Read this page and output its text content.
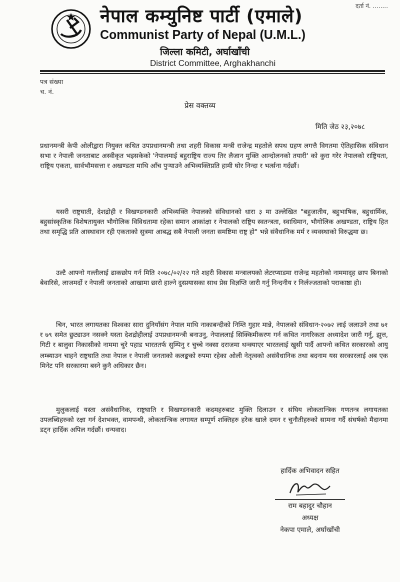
दर्ता नं. ........
नेपाल कम्युनिष्ट पार्टी (एमाले)
Communist Party of Nepal (U.M.L.)
जिल्ला कमिटी, अर्घाखाँची
District Committee, Arghakhanchi
पत्र संख्या
च. नं.
प्रेस वक्तव्य
मिति जेठ २३,२०७८

प्रधानमन्त्री केपी ओलीद्वारा नियुक्त कथित उपप्रधानमन्त्री तथा शहरी विकास मन्त्री राजेन्द्र महतोले सपथ ग्रहण लगत्तै विगतमा ऐतिहासिक संविधान सभा र नेपाली जनताबाट अस्वीकृत भइसकेको 'नेपालमाई बहुराष्ट्रिय राज्य तिर लैजान मुक्ति आन्दोलनको तयारी' को कुरा गरेर नेपालको राष्ट्रियता, राष्ट्रिय एकता, सार्वभौमसत्ता र अखण्डता माथि आँच पुऱ्याउने अभिव्यक्तिप्रति हामी घोर निन्दा र भर्त्सना गर्दछौं।

यसरी राष्ट्रघाती, देशद्रोही र विखण्डनकारी अभिव्यक्ति नेपालको संविधानको धारा ३ मा उल्लेखित "बहुजातीय, बहुभाषिक, बहुधार्मिक, बहुसांस्कृतिक विशेषतायुक्त भौगोलिक विविधतामा रहेका समान आकांक्षा र नेपालको राष्ट्रिय स्वतन्त्रता, स्वाधिमान, भौगोलिक अखण्डता, राष्ट्रिय हित तथा समृद्धि प्रति आस्थावान रही एकताको सुत्रमा आबद्ध सबै नेपाली जनता समष्टिमा राष्ट्र हो" भन्ने संवैधानिक मर्म र व्यवस्थाको विरुद्धमा छ।

उल्टै आफ्नो गल्तीलाई ढाकछोप गर्न मिति २०७८/०२/२२ गते शहरी विकास मन्त्रालयको लेटरप्याडमा राजेन्द्र महतोको नाममाद्ह छाप बिनाको बेवारिसे, लाजमर्दो र नेपाली जनताको आखामा छारो हाल्ने दुस्प्रयासका साथ प्रेस विज्ञप्ति जारी गर्नु निन्दनीय र निर्लज्जताको पराकाष्ठा हो।

चिन, भारत लगायतका विश्वका सारा दुनियाँसंग नेपाल माथि नाकाबन्दीको निम्ति गुहार मान्ने, नेपालको संविधान-२०७२ लाई जलाउने तथा ७१ र ७९ समेत छुट्याउन नसक्ने यस्ता देशद्रोहीलाई उपप्रधानमन्त्री बनाउनु, नेपाललाई सिक्किमीकरण गर्न कथित नागरिकता अध्यादेश जारी गर्नु, झुत्त, गिटी र बालुवा निकासीको नाममा चुरे पहाड भारततर्फ सुम्पिनु र चुच्चे नक्सा दराजमा थन्क्याएर भारतलाई खुसी पार्दै आफ्नो कथित सरकारको आयु लम्ब्याउन चाहने राष्ट्रघाति तथा नेपाल र नेपाली जनताको कलङ्कको रुपमा रहेका ओली नेतृत्वको असंवैधानिक तथा बदनाम यस सरकारलाई अब एक मिनेट पनि सरकारमा बस्ने कुनै अधिकार छैन।

मुलुकलाई यस्ता असंवैधानिक, राष्ट्रघाति र विखण्डनकारी कदमहरुबाट मुक्ति दिलाउन र संघिय लोकतान्त्रिक गणतन्त्र लगायतका उपलब्धिहरुको रक्षा गर्न देशभक्त, वामपन्थी, लोकतान्त्रिक लगायत सम्पूर्ण शक्तिहरु हरेक खाले दमन र चुनौतीहरुको सामना गर्दै संघर्षको मैदानमा डट्न हार्दिक अपिल गर्दछौं। धन्यवाद।

हार्दिक अभिवादन सहित
राम बहादुर चौहान
अध्यक्ष
नेकपा एमाले, अर्घाखाँची
